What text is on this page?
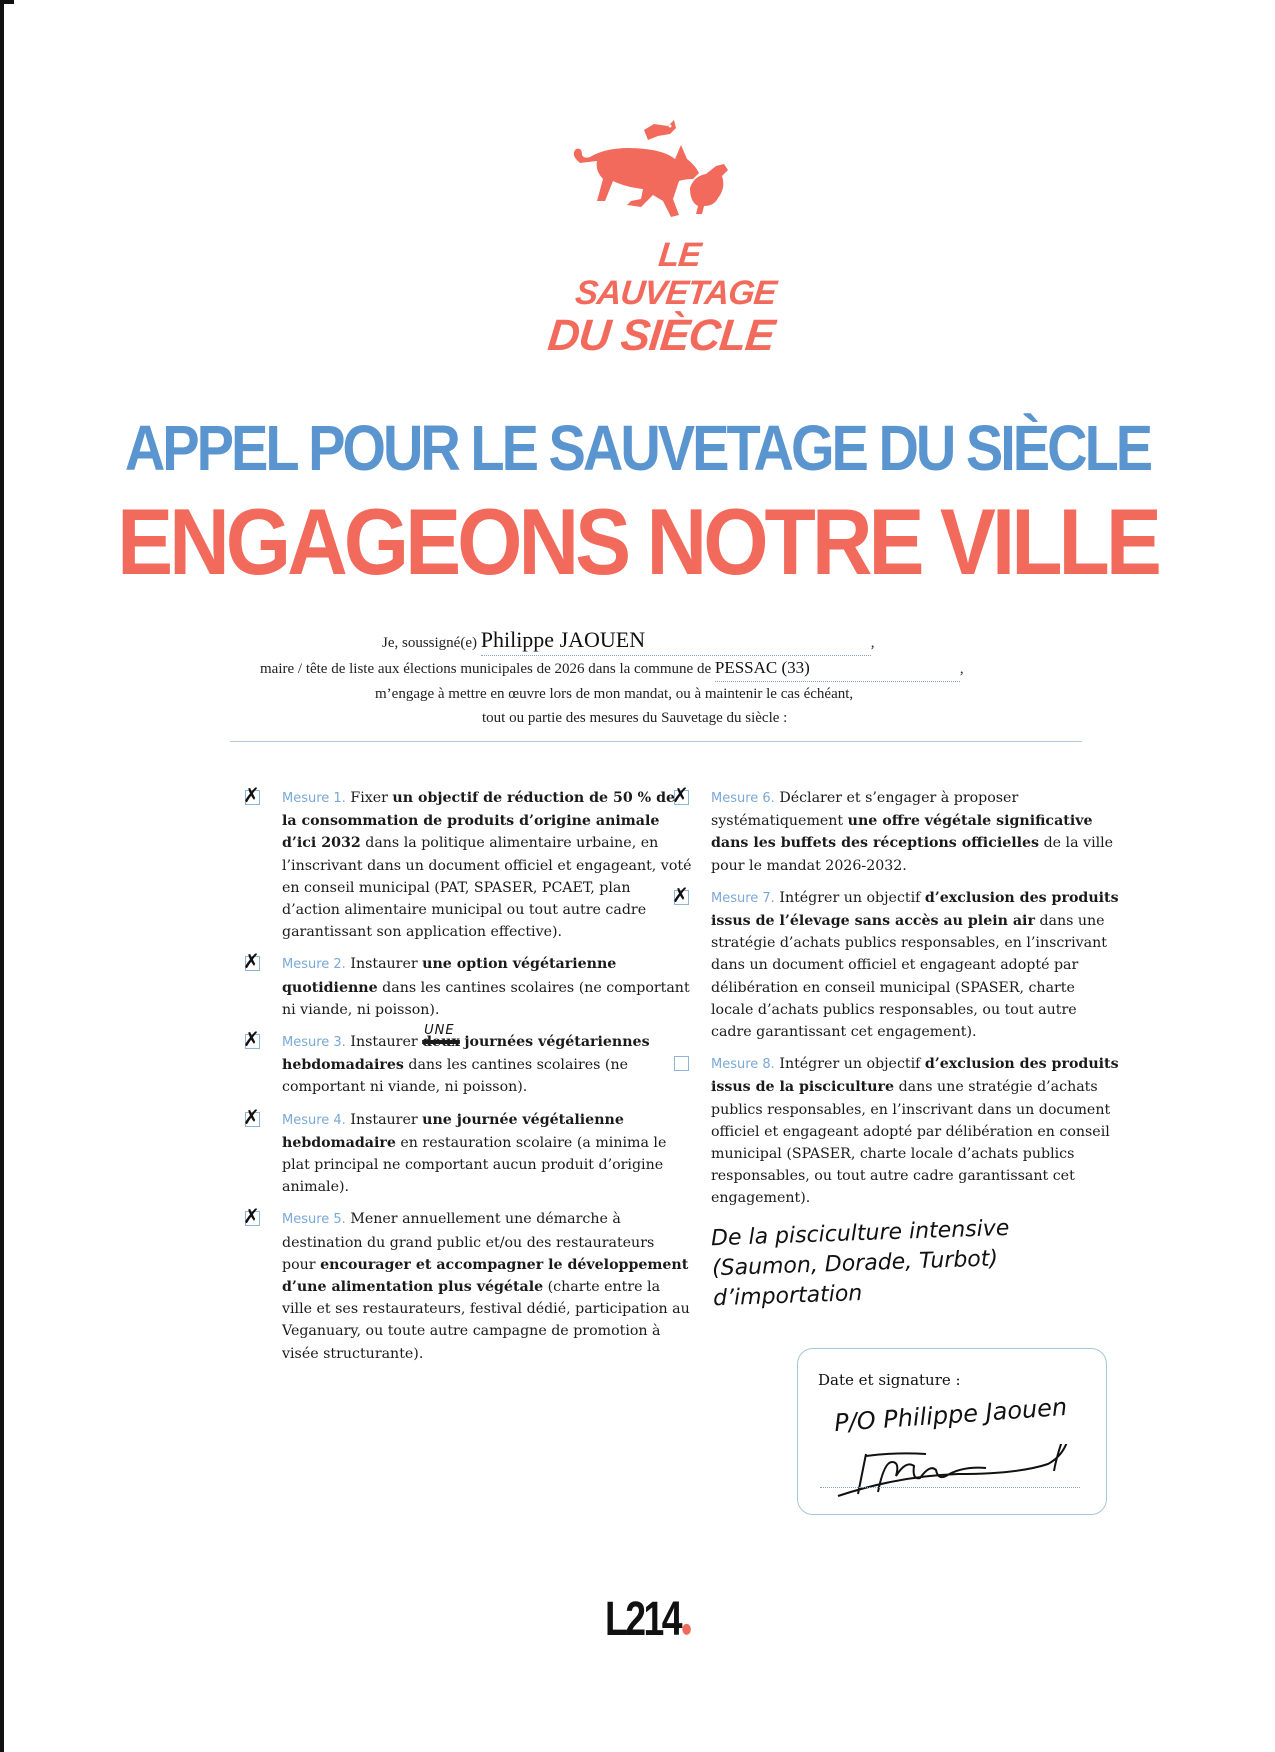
LE SAUVETAGE
DU SIÈCLE
APPEL POUR LE SAUVETAGE DU SIÈCLE
ENGAGEONS NOTRE VILLE
Je, soussigné(e) Philippe JAOUEN	,
maire / tête de liste aux élections municipales de 2026 dans la commune de PESSAC (33)	,
m’engage à mettre en œuvre lors de mon mandat, ou à maintenir le cas échéant,
tout ou partie des mesures du Sauvetage du siècle :
✗ Mesure 1. Fixer un objectif de réduction de 50 % de la consommation de produits d’origine animale d’ici 2032 dans la politique alimentaire urbaine, en l’inscrivant dans un document officiel et engageant, voté en conseil municipal (PAT, SPASER, PCAET, plan d’action alimentaire municipal ou tout autre cadre garantissant son application effective).
✗ Mesure 2. Instaurer une option végétarienne quotidienne dans les cantines scolaires (ne comportant ni viande, ni poisson).
✗ Mesure 3. Instaurer deux
UNE
journées végétariennes hebdomadaires dans les cantines scolaires (ne comportant ni viande, ni poisson).
✗ Mesure 4. Instaurer une journée végétalienne hebdomadaire en restauration scolaire (a minima le plat principal ne comportant aucun produit d’origine animale).
✗ Mesure 5. Mener annuellement une démarche à destination du grand public et/ou des restaurateurs pour encourager et accompagner le développement d’une alimentation plus végétale (charte entre la ville et ses restaurateurs, festival dédié, participation au Veganuary, ou toute autre campagne de promotion à visée structurante).
✗ Mesure 6. Déclarer et s’engager à proposer systématiquement une offre végétale significative dans les buffets des réceptions officielles de la ville pour le mandat 2026-2032.
✗ Mesure 7. Intégrer un objectif d’exclusion des produits issus de l’élevage sans accès au plein air dans une stratégie d’achats publics responsables, en l’inscrivant dans un document officiel et engageant adopté par délibération en conseil municipal (SPASER, charte locale d’achats publics responsables, ou tout autre cadre garantissant cet engagement).
Mesure 8. Intégrer un objectif d’exclusion des produits issus de la pisciculture dans une stratégie d’achats publics responsables, en l’inscrivant dans un document officiel et engageant adopté par délibération en conseil municipal (SPASER, charte locale d’achats publics responsables, ou tout autre cadre garantissant cet engagement).
De la pisciculture intensive
(Saumon, Dorade, Turbot)
d’importation
Date et signature :
P/O Philippe Jaouen
L214
